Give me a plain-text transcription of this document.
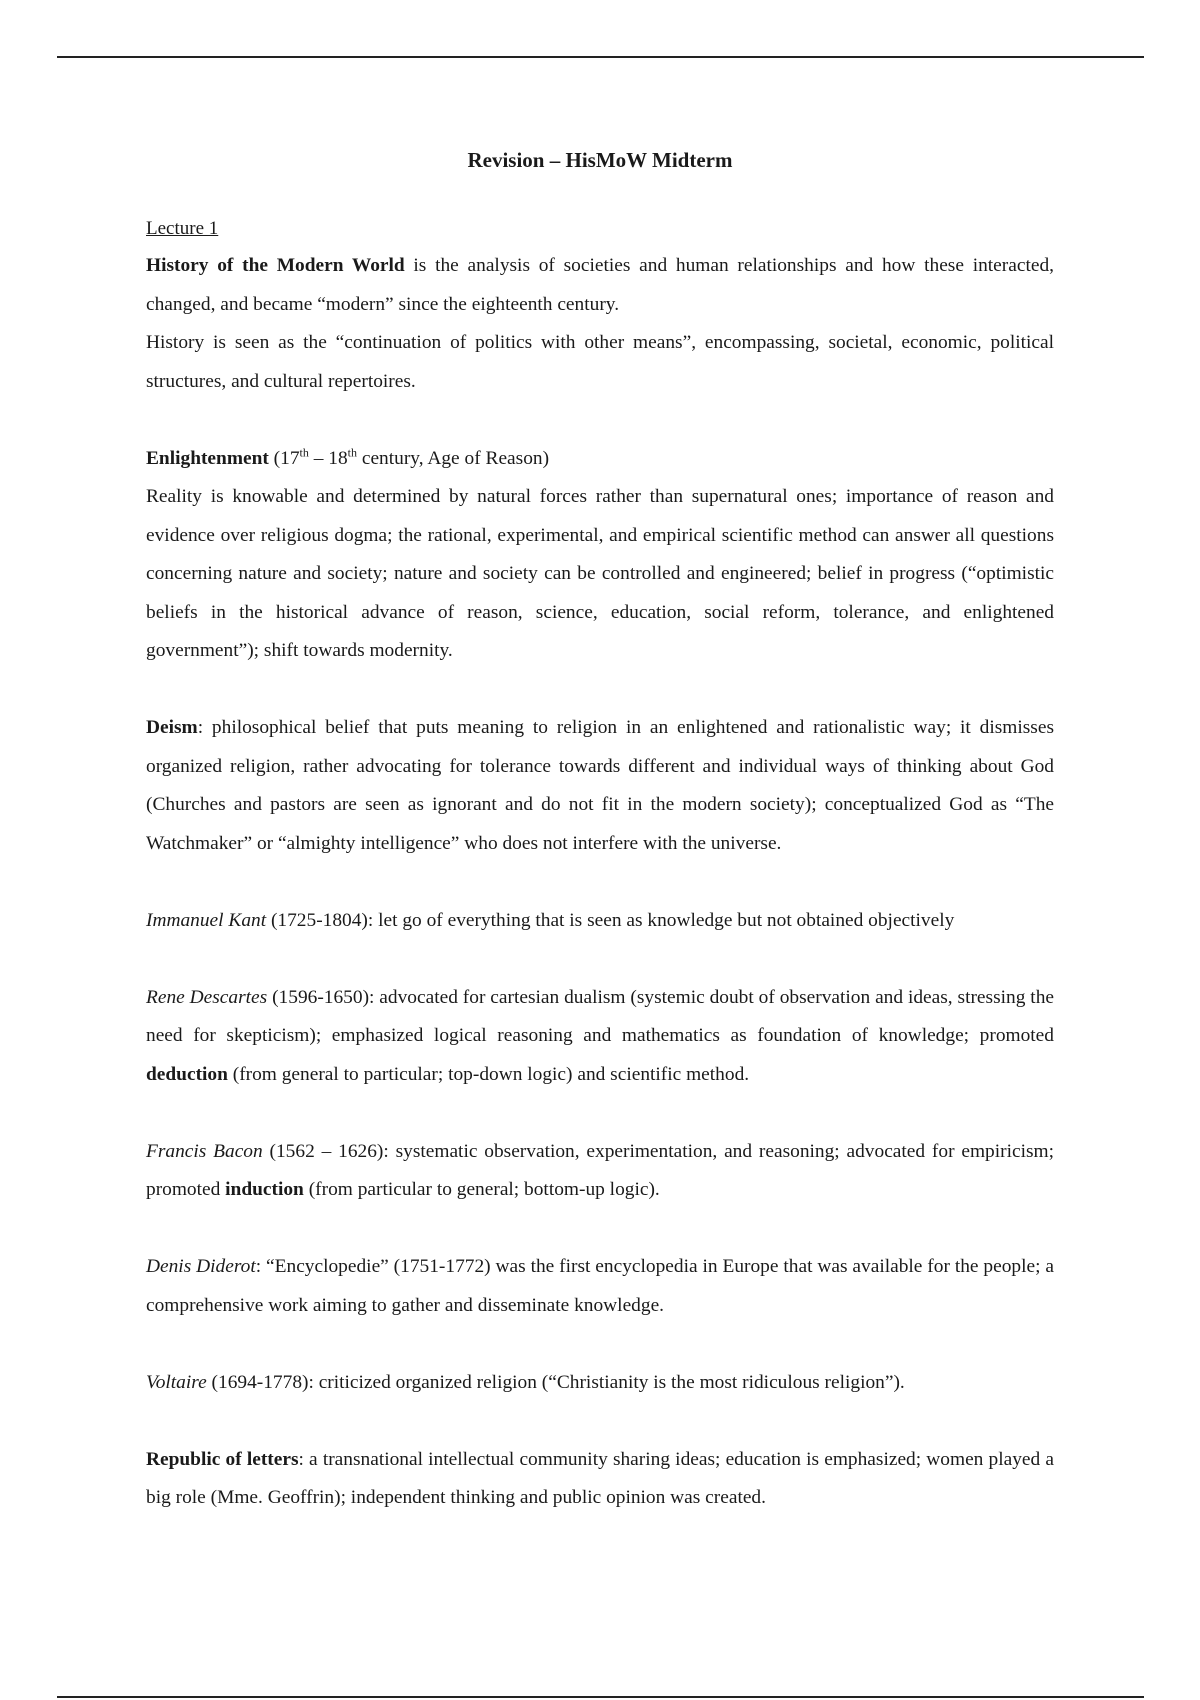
Revision – HisMoW Midterm
Lecture 1

History of the Modern World is the analysis of societies and human relationships and how these interacted, changed, and became “modern” since the eighteenth century.

History is seen as the “continuation of politics with other means”, encompassing, societal, economic, political structures, and cultural repertoires.

Enlightenment (17th – 18th century, Age of Reason)

Reality is knowable and determined by natural forces rather than supernatural ones; importance of reason and evidence over religious dogma; the rational, experimental, and empirical scientific method can answer all questions concerning nature and society; nature and society can be controlled and engineered; belief in progress (“optimistic beliefs in the historical advance of reason, science, education, social reform, tolerance, and enlightened government”); shift towards modernity.

Deism: philosophical belief that puts meaning to religion in an enlightened and rationalistic way; it dismisses organized religion, rather advocating for tolerance towards different and individual ways of thinking about God (Churches and pastors are seen as ignorant and do not fit in the modern society); conceptualized God as “The Watchmaker” or “almighty intelligence” who does not interfere with the universe.

Immanuel Kant (1725-1804): let go of everything that is seen as knowledge but not obtained objectively

Rene Descartes (1596-1650): advocated for cartesian dualism (systemic doubt of observation and ideas, stressing the need for skepticism); emphasized logical reasoning and mathematics as foundation of knowledge; promoted deduction (from general to particular; top-down logic) and scientific method.

Francis Bacon (1562 – 1626): systematic observation, experimentation, and reasoning; advocated for empiricism; promoted induction (from particular to general; bottom-up logic).

Denis Diderot: “Encyclopedie” (1751-1772) was the first encyclopedia in Europe that was available for the people; a comprehensive work aiming to gather and disseminate knowledge.

Voltaire (1694-1778): criticized organized religion (“Christianity is the most ridiculous religion”).

Republic of letters: a transnational intellectual community sharing ideas; education is emphasized; women played a big role (Mme. Geoffrin); independent thinking and public opinion was created.
